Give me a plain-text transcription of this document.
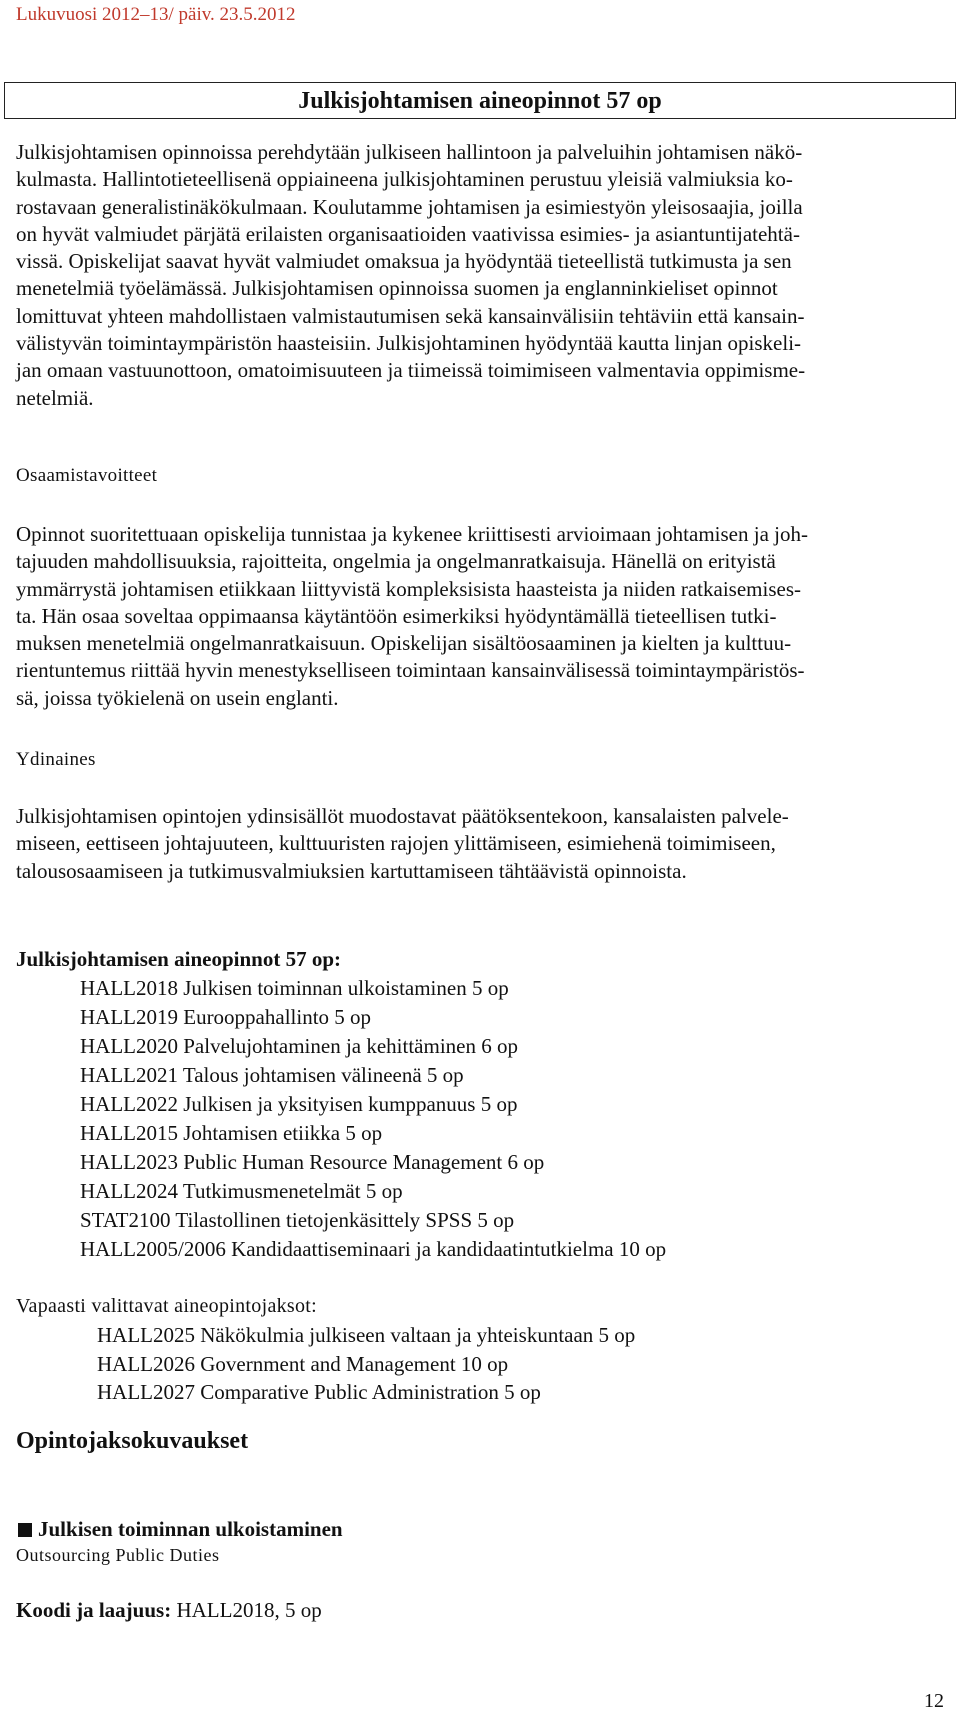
Lukuvuosi 2012–13/ päiv. 23.5.2012
Julkisjohtamisen aineopinnot 57 op
Julkisjohtamisen opinnoissa perehdytään julkiseen hallintoon ja palveluihin johtamisen näkö-
kulmasta. Hallintotieteellisenä oppiaineena julkisjohtaminen perustuu yleisiä valmiuksia ko-
rostavaan generalistinäkökulmaan. Koulutamme johtamisen ja esimiestyön yleisosaajia, joilla
on hyvät valmiudet pärjätä erilaisten organisaatioiden vaativissa esimies- ja asiantuntijatehtä-
vissä. Opiskelijat saavat hyvät valmiudet omaksua ja hyödyntää tieteellistä tutkimusta ja sen
menetelmiä työelämässä. Julkisjohtamisen opinnoissa suomen ja englanninkieliset opinnot
lomittuvat yhteen mahdollistaen valmistautumisen sekä kansainvälisiin tehtäviin että kansain-
välistyvän toimintaympäristön haasteisiin. Julkisjohtaminen hyödyntää kautta linjan opiskeli-
jan omaan vastuunottoon, omatoimisuuteen ja tiimeissä toimimiseen valmentavia oppimisme-
netelmiä.
Osaamistavoitteet
Opinnot suoritettuaan opiskelija tunnistaa ja kykenee kriittisesti arvioimaan johtamisen ja joh-
tajuuden mahdollisuuksia, rajoitteita, ongelmia ja ongelmanratkaisuja. Hänellä on erityistä
ymmärrystä johtamisen etiikkaan liittyvistä kompleksisista haasteista ja niiden ratkaisemises-
ta. Hän osaa soveltaa oppimaansa käytäntöön esimerkiksi hyödyntämällä tieteellisen tutki-
muksen menetelmiä ongelmanratkaisuun. Opiskelijan sisältöosaaminen ja kielten ja kulttuu-
rientuntemus riittää hyvin menestykselliseen toimintaan kansainvälisessä toimintaympäristös-
sä, joissa työkielenä on usein englanti.
Ydinaines
Julkisjohtamisen opintojen ydinsisällöt muodostavat päätöksentekoon, kansalaisten palvele-
miseen, eettiseen johtajuuteen, kulttuuristen rajojen ylittämiseen, esimiehenä toimimiseen,
talousosaamiseen ja tutkimusvalmiuksien kartuttamiseen tähtäävistä opinnoista.
Julkisjohtamisen aineopinnot 57 op:
HALL2018 Julkisen toiminnan ulkoistaminen 5 op
HALL2019 Eurooppahallinto 5 op
HALL2020 Palvelujohtaminen ja kehittäminen 6 op
HALL2021 Talous johtamisen välineenä 5 op
HALL2022 Julkisen ja yksityisen kumppanuus 5 op
HALL2015 Johtamisen etiikka 5 op
HALL2023 Public Human Resource Management 6 op
HALL2024 Tutkimusmenetelmät 5 op
STAT2100 Tilastollinen tietojenkäsittely SPSS 5 op
HALL2005/2006 Kandidaattiseminaari ja kandidaatintutkielma 10 op
Vapaasti valittavat aineopintojaksot:
HALL2025 Näkökulmia julkiseen valtaan ja yhteiskuntaan 5 op
HALL2026 Government and Management 10 op
HALL2027 Comparative Public Administration 5 op
Opintojaksokuvaukset
Julkisen toiminnan ulkoistaminen
Outsourcing Public Duties
Koodi ja laajuus: HALL2018, 5 op
12
